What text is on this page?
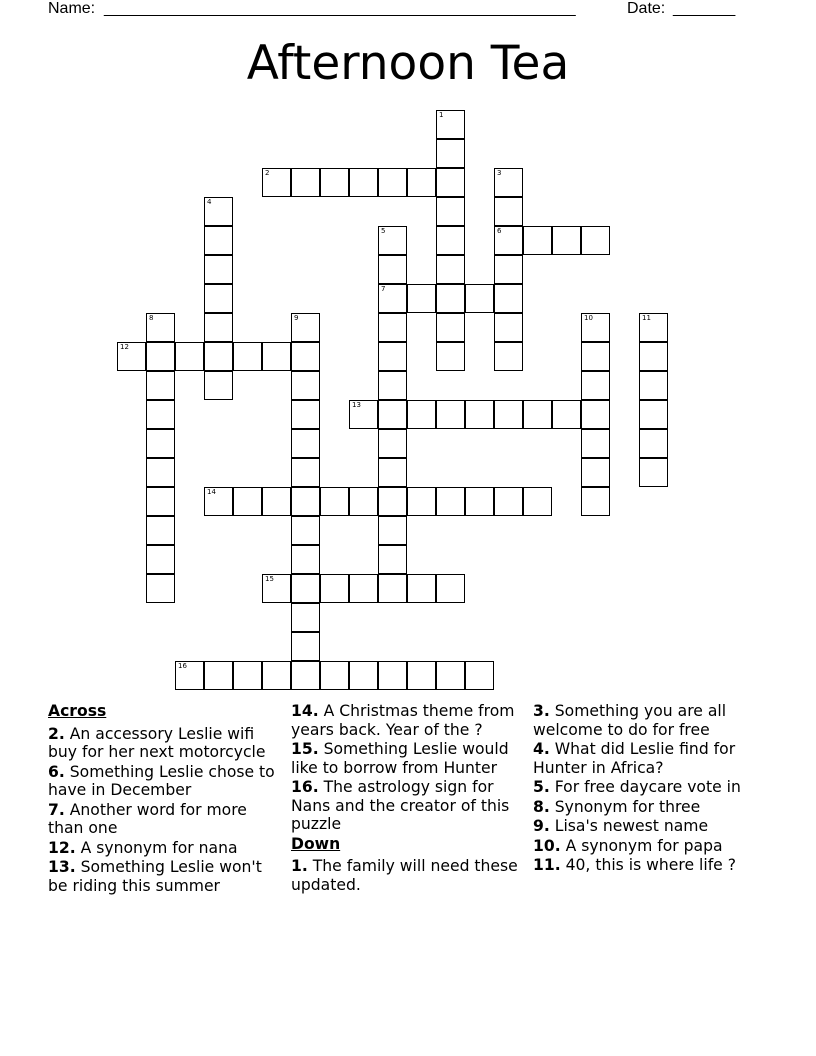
Name: _____________________________________________________	Date: _______
Afternoon Tea
1
2	3
6
4
5
7
8	9	10	11
12
13
14
15
16
Across
2. An accessory Leslie wifi buy for her next motorcycle
6. Something Leslie chose to have in December
7. Another word for more than one
12. A synonym for nana
13. Something Leslie won't be riding this summer
14. A Christmas theme from years back. Year of the ?
15. Something Leslie would like to borrow from Hunter
16. The astrology sign for Nans and the creator of this puzzle
Down
1. The family will need these updated.
3. Something you are all welcome to do for free
4. What did Leslie find for Hunter in Africa?
5. For free daycare vote in
8. Synonym for three
9. Lisa's newest name
10. A synonym for papa
11. 40, this is where life ?
